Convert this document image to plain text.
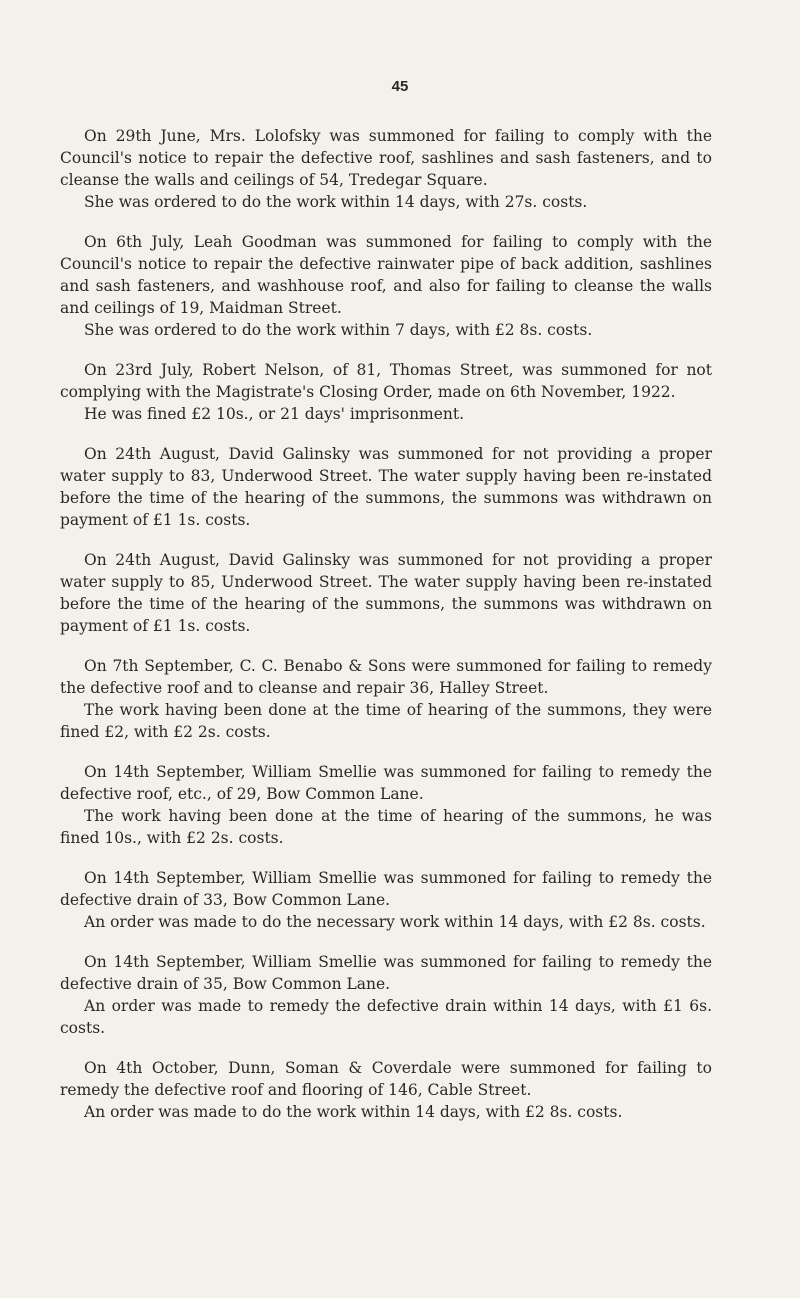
45

On 29th June, Mrs. Lolofsky was summoned for failing to comply with the Council's notice to repair the defective roof, sashlines and sash fasteners, and to cleanse the walls and ceilings of 54, Tredegar Square.

She was ordered to do the work within 14 days, with 27s. costs.

On 6th July, Leah Goodman was summoned for failing to comply with the Council's notice to repair the defective rainwater pipe of back addition, sashlines and sash fasteners, and washhouse roof, and also for failing to cleanse the walls and ceilings of 19, Maidman Street.

She was ordered to do the work within 7 days, with £2 8s. costs.

On 23rd July, Robert Nelson, of 81, Thomas Street, was summoned for not complying with the Magistrate's Closing Order, made on 6th November, 1922.

He was fined £2 10s., or 21 days' imprisonment.

On 24th August, David Galinsky was summoned for not providing a proper water supply to 83, Underwood Street. The water supply having been re-instated before the time of the hearing of the summons, the summons was withdrawn on payment of £1 1s. costs.

On 24th August, David Galinsky was summoned for not providing a proper water supply to 85, Underwood Street. The water supply having been re-instated before the time of the hearing of the summons, the summons was withdrawn on payment of £1 1s. costs.

On 7th September, C. C. Benabo & Sons were summoned for failing to remedy the defective roof and to cleanse and repair 36, Halley Street.

The work having been done at the time of hearing of the summons, they were fined £2, with £2 2s. costs.

On 14th September, William Smellie was summoned for failing to remedy the defective roof, etc., of 29, Bow Common Lane.

The work having been done at the time of hearing of the summons, he was fined 10s., with £2 2s. costs.

On 14th September, William Smellie was summoned for failing to remedy the defective drain of 33, Bow Common Lane.

An order was made to do the necessary work within 14 days, with £2 8s. costs.

On 14th September, William Smellie was summoned for failing to remedy the defective drain of 35, Bow Common Lane.

An order was made to remedy the defective drain within 14 days, with £1 6s. costs.

On 4th October, Dunn, Soman & Coverdale were summoned for failing to remedy the defective roof and flooring of 146, Cable Street.

An order was made to do the work within 14 days, with £2 8s. costs.
